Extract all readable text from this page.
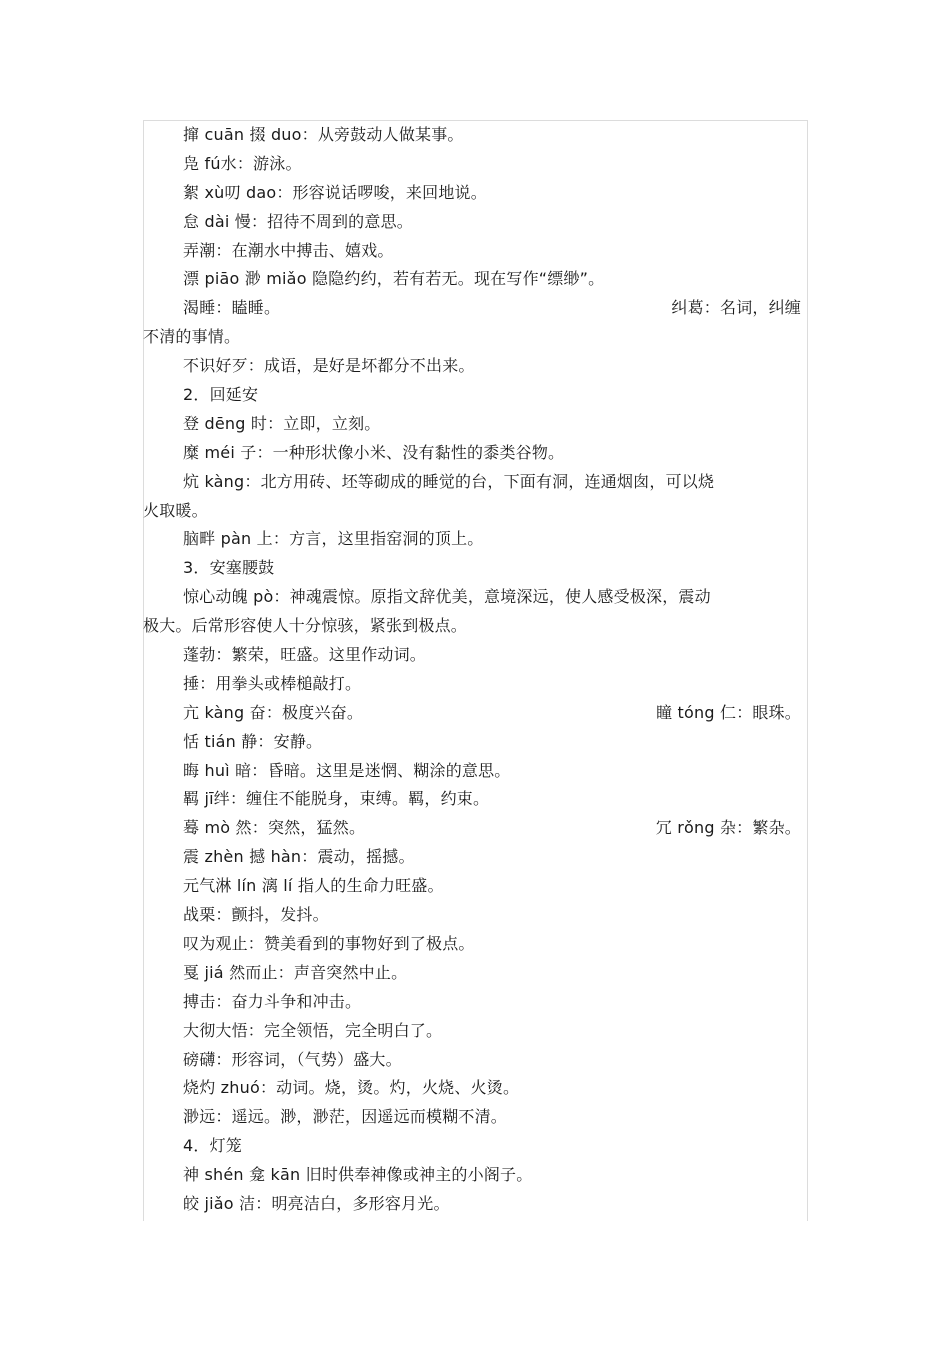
撺 cuān 掇 duo：从旁鼓动人做某事。
凫 fú水：游泳。
絮 xù叨 dao：形容说话啰唆，来回地说。
怠 dài 慢：招待不周到的意思。
弄潮：在潮水中搏击、嬉戏。
漂 piāo 渺 miǎo 隐隐约约，若有若无。现在写作“缥缈”。
渴睡：瞌睡。	纠葛：名词，纠缠
不清的事情。
不识好歹：成语，是好是坏都分不出来。
2．回延安
登 dēng 时：立即，立刻。
糜 méi 子：一种形状像小米、没有黏性的黍类谷物。
炕 kàng：北方用砖、坯等砌成的睡觉的台，下面有洞，连通烟囱，可以烧
火取暖。
脑畔 pàn 上：方言，这里指窑洞的顶上。
3．安塞腰鼓
惊心动魄 pò：神魂震惊。原指文辞优美，意境深远，使人感受极深，震动
极大。后常形容使人十分惊骇，紧张到极点。
蓬勃：繁荣，旺盛。这里作动词。
捶：用拳头或棒槌敲打。
亢 kàng 奋：极度兴奋。	瞳 tóng 仁：眼珠。
恬 tián 静：安静。
晦 huì 暗：昏暗。这里是迷惘、糊涂的意思。
羁 jī绊：缠住不能脱身，束缚。羁，约束。
蓦 mò 然：突然，猛然。	冗 rǒng 杂：繁杂。
震 zhèn 撼 hàn：震动，摇撼。
元气淋 lín 漓 lí 指人的生命力旺盛。
战栗：颤抖，发抖。
叹为观止：赞美看到的事物好到了极点。
戛 jiá 然而止：声音突然中止。
搏击：奋力斗争和冲击。
大彻大悟：完全领悟，完全明白了。
磅礴：形容词，（气势）盛大。
烧灼 zhuó：动词。烧，烫。灼，火烧、火烫。
渺远：遥远。渺，渺茫，因遥远而模糊不清。
4．灯笼
神 shén 龛 kān 旧时供奉神像或神主的小阁子。
皎 jiǎo 洁：明亮洁白，多形容月光。
